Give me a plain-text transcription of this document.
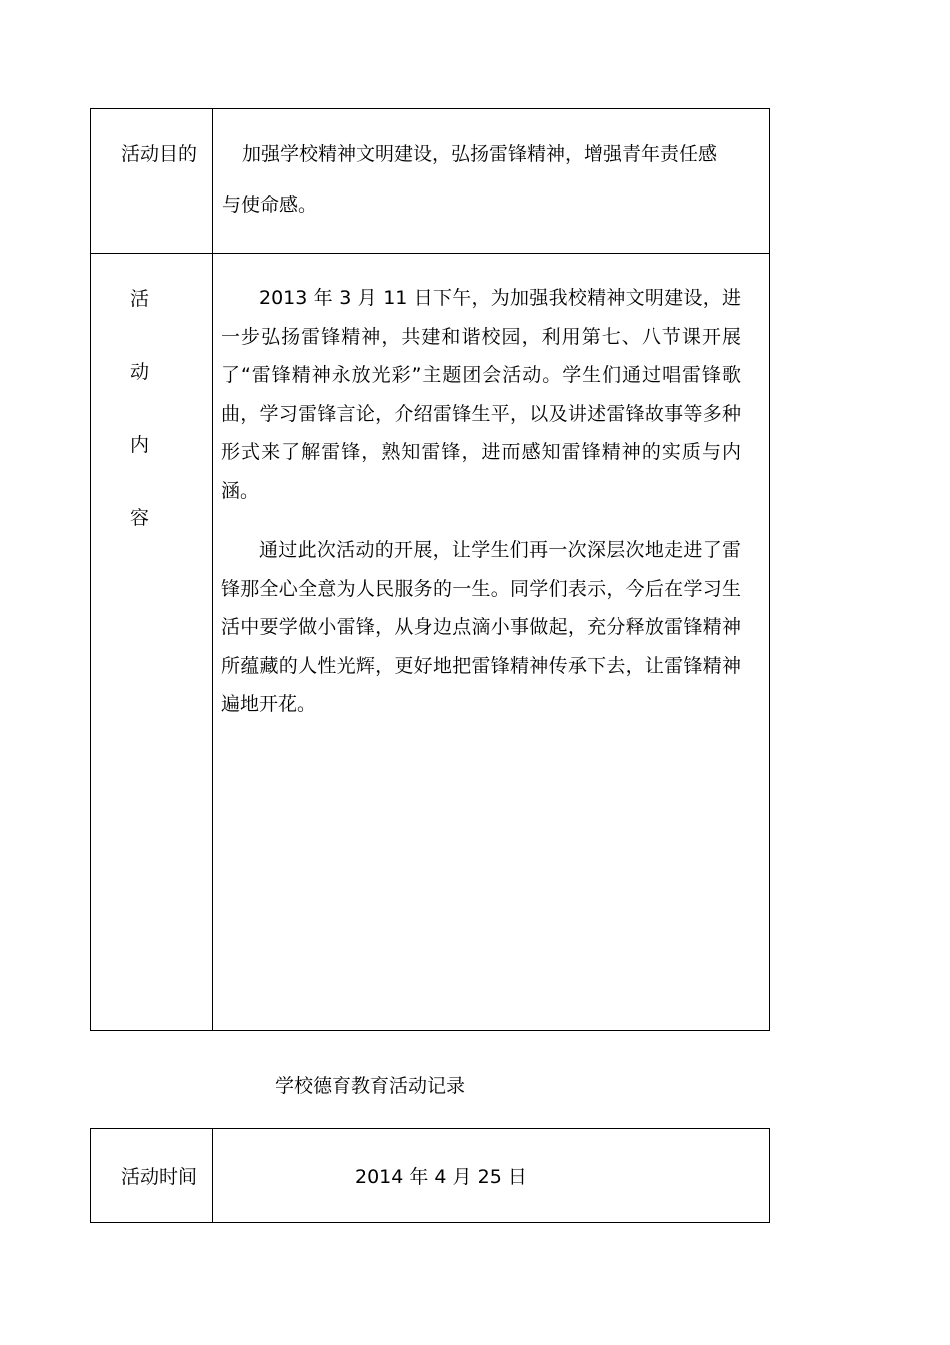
活动目的 加强学校精神文明建设，弘扬雷锋精神，增强青年责任感
与使命感。
活
动
内
容
2013 年 3 月 11 日下午，为加强我校精神文明建设，进一步弘扬雷锋精神，共建和谐校园，利用第七、八节课开展了“雷锋精神永放光彩”主题团会活动。学生们通过唱雷锋歌曲，学习雷锋言论，介绍雷锋生平，以及讲述雷锋故事等多种形式来了解雷锋，熟知雷锋，进而感知雷锋精神的实质与内涵。
通过此次活动的开展，让学生们再一次深层次地走进了雷锋那全心全意为人民服务的一生。同学们表示，今后在学习生活中要学做小雷锋，从身边点滴小事做起，充分释放雷锋精神所蕴藏的人性光辉，更好地把雷锋精神传承下去，让雷锋精神遍地开花。
学校德育教育活动记录
活动时间	2014 年 4 月 25 日
